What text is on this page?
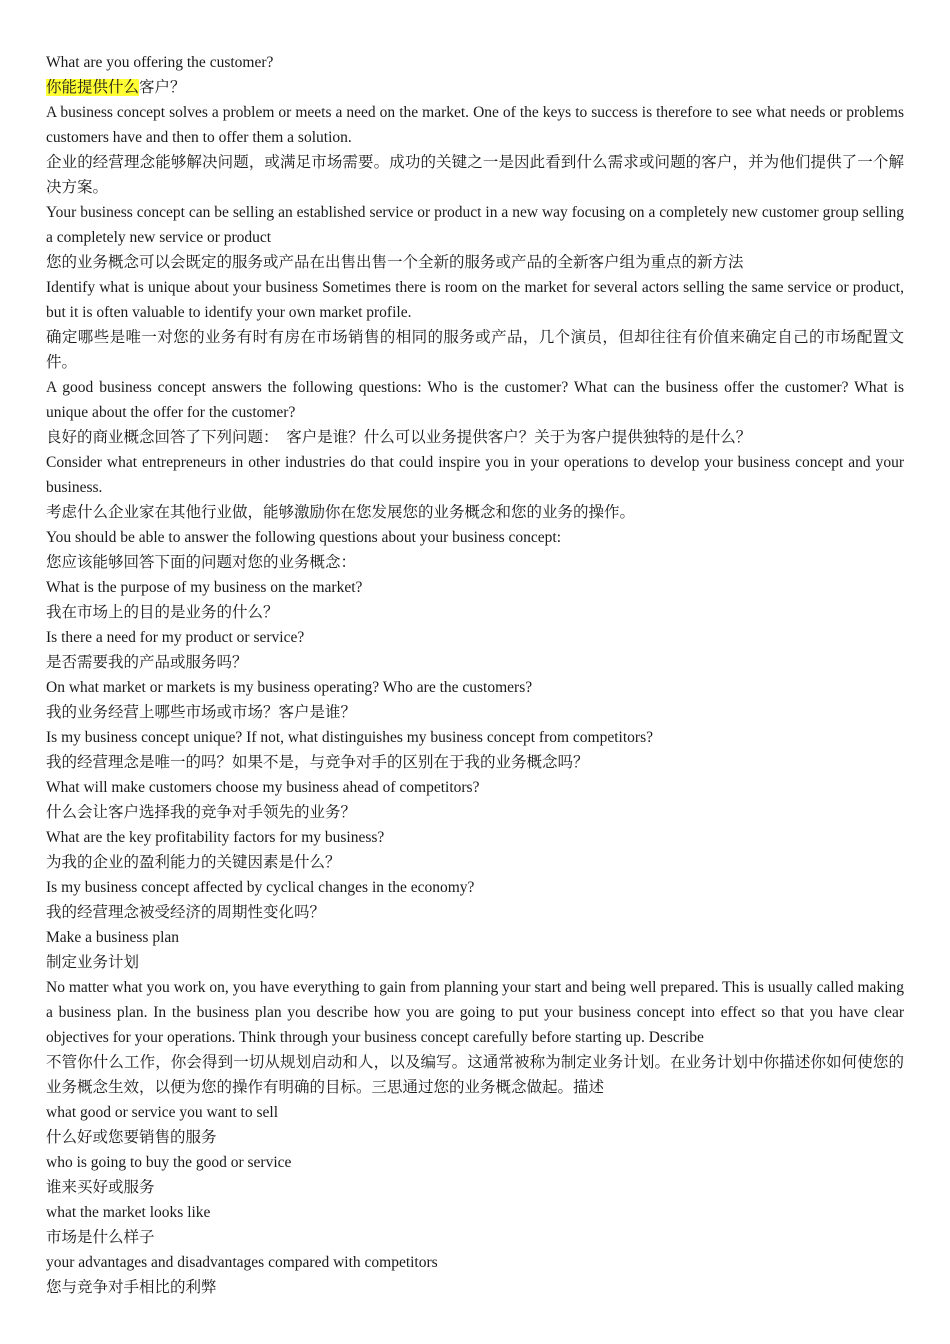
What are you offering the customer?

你能提供什么客户？

A business concept solves a problem or meets a need on the market. One of the keys to success is therefore to see what needs or problems customers have and then to offer them a solution.

企业的经营理念能够解决问题，或满足市场需要。成功的关键之一是因此看到什么需求或问题的客户，并为他们提供了一个解决方案。

Your business concept can be selling an established service or product in a new way focusing on a completely new customer group selling a completely new service or product

您的业务概念可以会既定的服务或产品在出售出售一个全新的服务或产品的全新客户组为重点的新方法

Identify what is unique about your business Sometimes there is room on the market for several actors selling the same service or product, but it is often valuable to identify your own market profile.

确定哪些是唯一对您的业务有时有房在市场销售的相同的服务或产品，几个演员，但却往往有价值来确定自己的市场配置文件。

A good business concept answers the following questions: Who is the customer? What can the business offer the customer? What is unique about the offer for the customer?

良好的商业概念回答了下列问题：　客户是谁？什么可以业务提供客户？关于为客户提供独特的是什么？

Consider what entrepreneurs in other industries do that could inspire you in your operations to develop your business concept and your business.

考虑什么企业家在其他行业做，能够激励你在您发展您的业务概念和您的业务的操作。

You should be able to answer the following questions about your business concept:

您应该能够回答下面的问题对您的业务概念：

What is the purpose of my business on the market?

我在市场上的目的是业务的什么？

Is there a need for my product or service?

是否需要我的产品或服务吗？

On what market or markets is my business operating? Who are the customers?

我的业务经营上哪些市场或市场？客户是谁？

Is my business concept unique? If not, what distinguishes my business concept from competitors?

我的经营理念是唯一的吗？如果不是，与竞争对手的区别在于我的业务概念吗？

What will make customers choose my business ahead of competitors?

什么会让客户选择我的竞争对手领先的业务？

What are the key profitability factors for my business?

为我的企业的盈利能力的关键因素是什么？

Is my business concept affected by cyclical changes in the economy?

我的经营理念被受经济的周期性变化吗？

Make a business plan

制定业务计划

No matter what you work on, you have everything to gain from planning your start and being well prepared. This is usually called making a business plan. In the business plan you describe how you are going to put your business concept into effect so that you have clear objectives for your operations. Think through your business concept carefully before starting up. Describe

不管你什么工作，你会得到一切从规划启动和人，以及编写。这通常被称为制定业务计划。在业务计划中你描述你如何使您的业务概念生效，以便为您的操作有明确的目标。三思通过您的业务概念做起。描述

what good or service you want to sell

什么好或您要销售的服务

who is going to buy the good or service

谁来买好或服务

what the market looks like

市场是什么样子

your advantages and disadvantages compared with competitors

您与竞争对手相比的利弊
